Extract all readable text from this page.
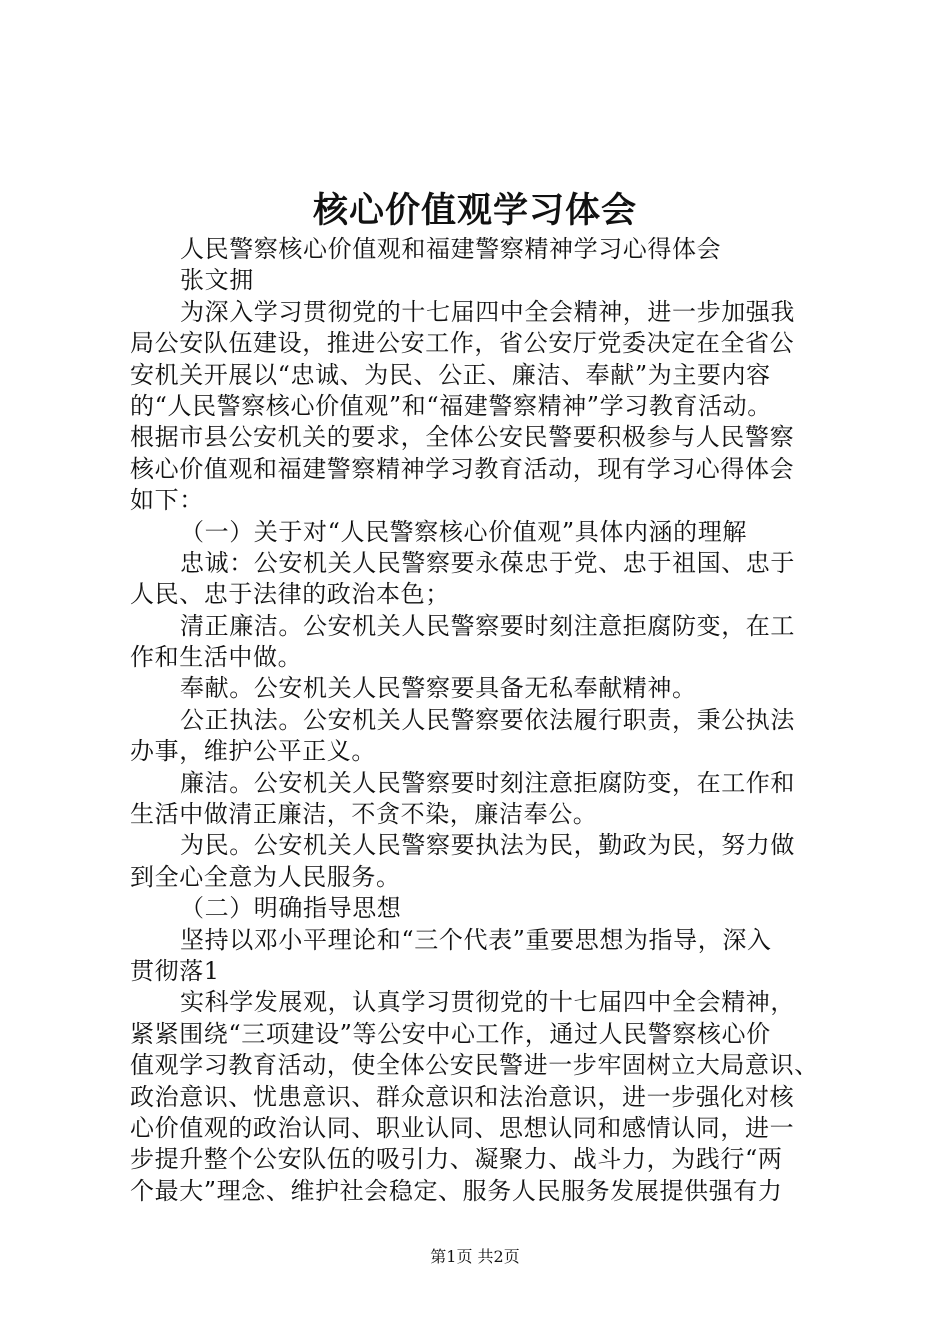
核心价值观学习体会
人民警察核心价值观和福建警察精神学习心得体会
张文拥
为深入学习贯彻党的十七届四中全会精神，进一步加强我
局公安队伍建设，推进公安工作，省公安厅党委决定在全省公
安机关开展以“忠诚、为民、公正、廉洁、奉献”为主要内容
的“人民警察核心价值观”和“福建警察精神”学习教育活动。
根据市县公安机关的要求，全体公安民警要积极参与人民警察
核心价值观和福建警察精神学习教育活动，现有学习心得体会
如下：
（一）关于对“人民警察核心价值观”具体内涵的理解
忠诚：公安机关人民警察要永葆忠于党、忠于祖国、忠于
人民、忠于法律的政治本色；
清正廉洁。公安机关人民警察要时刻注意拒腐防变，在工
作和生活中做。
奉献。公安机关人民警察要具备无私奉献精神。
公正执法。公安机关人民警察要依法履行职责，秉公执法
办事，维护公平正义。
廉洁。公安机关人民警察要时刻注意拒腐防变，在工作和
生活中做清正廉洁，不贪不染，廉洁奉公。
为民。公安机关人民警察要执法为民，勤政为民，努力做
到全心全意为人民服务。
（二）明确指导思想
坚持以邓小平理论和“三个代表”重要思想为指导，深入
贯彻落1
实科学发展观，认真学习贯彻党的十七届四中全会精神，
紧紧围绕“三项建设”等公安中心工作，通过人民警察核心价
值观学习教育活动，使全体公安民警进一步牢固树立大局意识、
政治意识、忧患意识、群众意识和法治意识，进一步强化对核
心价值观的政治认同、职业认同、思想认同和感情认同，进一
步提升整个公安队伍的吸引力、凝聚力、战斗力，为践行“两
个最大”理念、维护社会稳定、服务人民服务发展提供强有力
第1页 共2页
